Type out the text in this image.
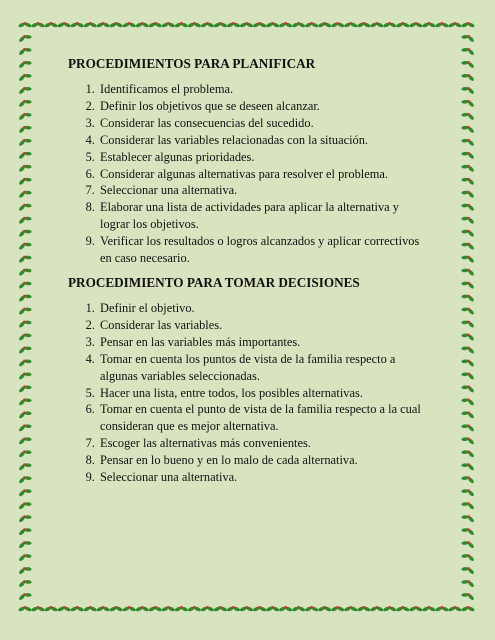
PROCEDIMIENTOS PARA PLANIFICAR
1. Identificamos el problema.
2. Definir los objetivos que se deseen alcanzar.
3. Considerar las consecuencias del sucedido.
4. Considerar las variables relacionadas con la situación.
5. Establecer algunas prioridades.
6. Considerar algunas alternativas para resolver el problema.
7. Seleccionar una alternativa.
8. Elaborar una lista de actividades para aplicar la alternativa y lograr los objetivos.
9. Verificar los resultados o logros alcanzados y aplicar correctivos en caso necesario.
PROCEDIMIENTO PARA TOMAR DECISIONES
1. Definir el objetivo.
2. Considerar las variables.
3. Pensar en las variables más importantes.
4. Tomar en cuenta los puntos de vista de la familia respecto a algunas variables seleccionadas.
5. Hacer una lista, entre todos, los posibles alternativas.
6. Tomar en cuenta el punto de vista de la familia respecto a la cual consideran que es mejor alternativa.
7. Escoger las alternativas más convenientes.
8. Pensar en lo bueno y en lo malo de cada alternativa.
9. Seleccionar una alternativa.
